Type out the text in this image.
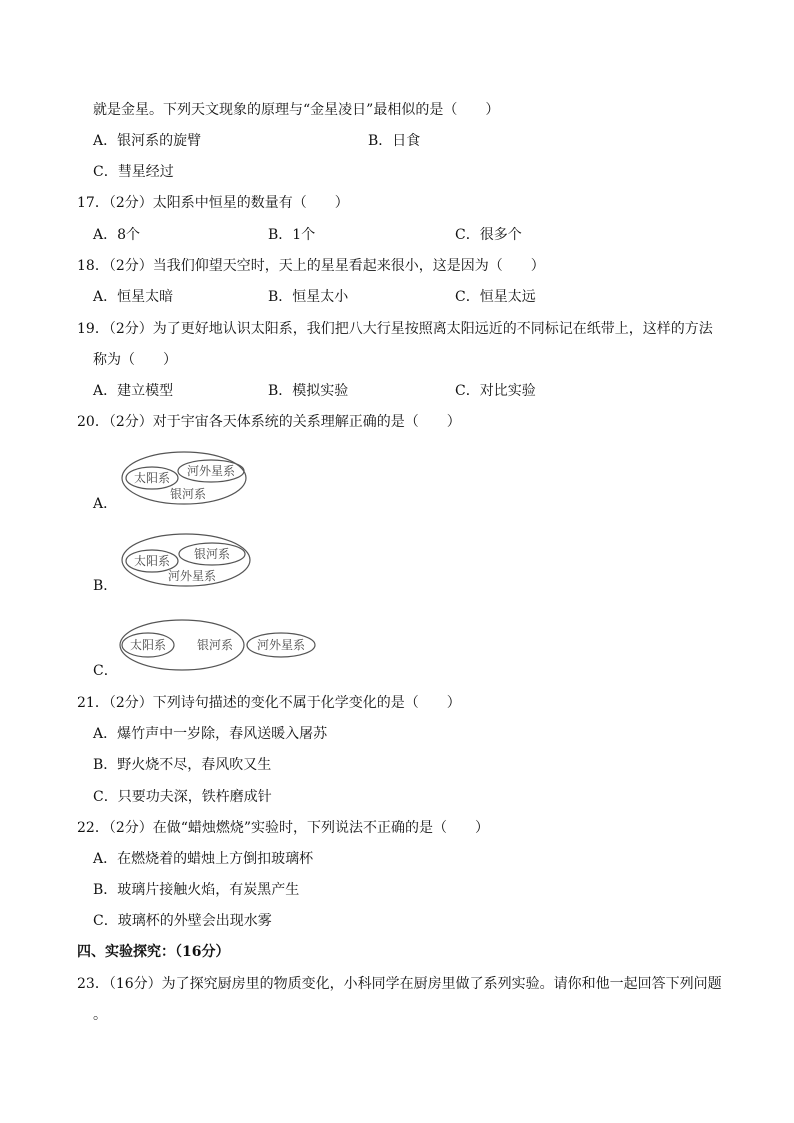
就是金星。下列天文现象的原理与“金星凌日”最相似的是（　　）
A．银河系的旋臂	B．日食
C．彗星经过
17．（2分）太阳系中恒星的数量有（　　）
A．8个	B．1个	C．很多个
18．（2分）当我们仰望天空时，天上的星星看起来很小，这是因为（　　）
A．恒星太暗	B．恒星太小	C．恒星太远
19．（2分）为了更好地认识太阳系，我们把八大行星按照离太阳远近的不同标记在纸带上，这样的方法
称为（　　）
A．建立模型	B．模拟实验	C．对比实验
20．（2分）对于宇宙各天体系统的关系理解正确的是（　　）
太阳系 河外星系
银河系
A．
太阳系 银河系
河外星系
B．
太阳系	银河系 河外星系
C．
21．（2分）下列诗句描述的变化不属于化学变化的是（　　）
A．爆竹声中一岁除，春风送暖入屠苏
B．野火烧不尽，春风吹又生
C．只要功夫深，铁杵磨成针
22．（2分）在做“蜡烛燃烧”实验时，下列说法不正确的是（　　）
A．在燃烧着的蜡烛上方倒扣玻璃杯
B．玻璃片接触火焰，有炭黑产生
C．玻璃杯的外壁会出现水雾
四、实验探究：（16分）
23．（16分）为了探究厨房里的物质变化，小科同学在厨房里做了系列实验。请你和他一起回答下列问题
。
